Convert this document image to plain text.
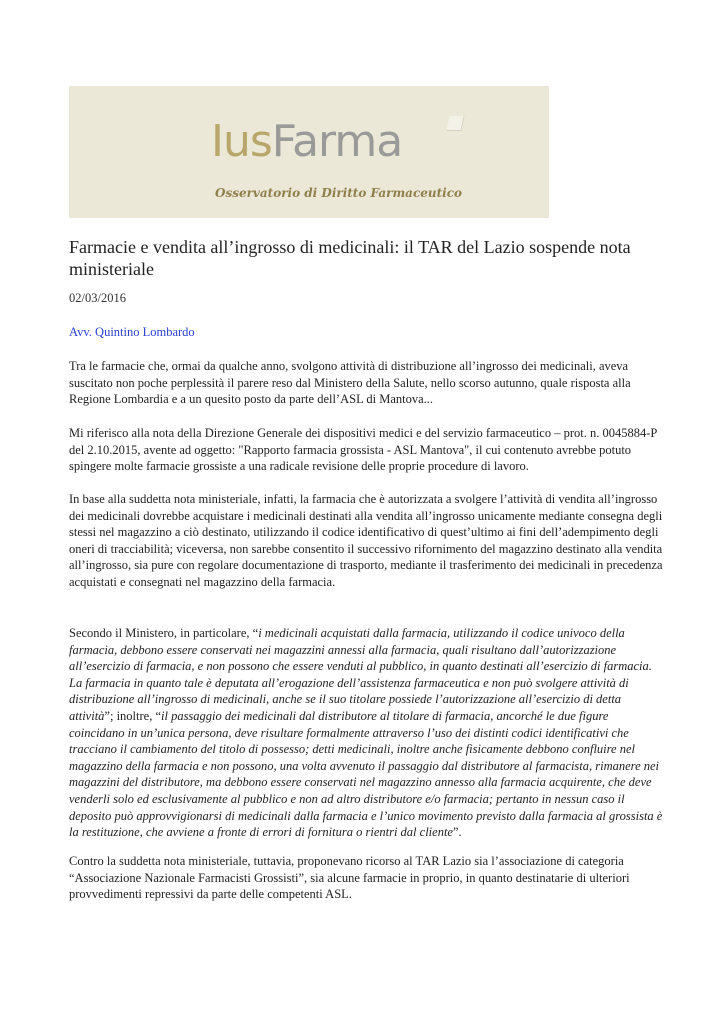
IusFarma
Osservatorio di Diritto Farmaceutico
Farmacie e vendita all’ingrosso di medicinali: il TAR del Lazio sospende nota ministeriale
02/03/2016
Avv. Quintino Lombardo

Tra le farmacie che, ormai da qualche anno, svolgono attività di distribuzione all’ingrosso dei medicinali, aveva suscitato non poche perplessità il parere reso dal Ministero della Salute, nello scorso autunno, quale risposta alla Regione Lombardia e a un quesito posto da parte dell’ASL di Mantova...

Mi riferisco alla nota della Direzione Generale dei dispositivi medici e del servizio farmaceutico – prot. n. 0045884-P del 2.10.2015, avente ad oggetto: "Rapporto farmacia grossista - ASL Mantova", il cui contenuto avrebbe potuto spingere molte farmacie grossiste a una radicale revisione delle proprie procedure di lavoro.

In base alla suddetta nota ministeriale, infatti, la farmacia che è autorizzata a svolgere l’attività di vendita all’ingrosso dei medicinali dovrebbe acquistare i medicinali destinati alla vendita all’ingrosso unicamente mediante consegna degli stessi nel magazzino a ciò destinato, utilizzando il codice identificativo di quest’ultimo ai fini dell’adempimento degli oneri di tracciabilità; viceversa, non sarebbe consentito il successivo rifornimento del magazzino destinato alla vendita all’ingrosso, sia pure con regolare documentazione di trasporto, mediante il trasferimento dei medicinali in precedenza acquistati e consegnati nel magazzino della farmacia.

Secondo il Ministero, in particolare, “i medicinali acquistati dalla farmacia, utilizzando il codice univoco della farmacia, debbono essere conservati nei magazzini annessi alla farmacia, quali risultano dall’autorizzazione all’esercizio di farmacia, e non possono che essere venduti al pubblico, in quanto destinati all’esercizio di farmacia. La farmacia in quanto tale è deputata all’erogazione dell’assistenza farmaceutica e non può svolgere attività di distribuzione all’ingrosso di medicinali, anche se il suo titolare possiede l’autorizzazione all’esercizio di detta attività”; inoltre, “il passaggio dei medicinali dal distributore al titolare di farmacia, ancorché le due figure coincidano in un’unica persona, deve risultare formalmente attraverso l’uso dei distinti codici identificativi che tracciano il cambiamento del titolo di possesso; detti medicinali, inoltre anche fisicamente debbono confluire nel magazzino della farmacia e non possono, una volta avvenuto il passaggio dal distributore al farmacista, rimanere nei magazzini del distributore, ma debbono essere conservati nel magazzino annesso alla farmacia acquirente, che deve venderli solo ed esclusivamente al pubblico e non ad altro distributore e/o farmacia; pertanto in nessun caso il deposito può approvvigionarsi di medicinali dalla farmacia e l’unico movimento previsto dalla farmacia al grossista è la restituzione, che avviene a fronte di errori di fornitura o rientri dal cliente”.

Contro la suddetta nota ministeriale, tuttavia, proponevano ricorso al TAR Lazio sia l’associazione di categoria “Associazione Nazionale Farmacisti Grossisti”, sia alcune farmacie in proprio, in quanto destinatarie di ulteriori provvedimenti repressivi da parte delle competenti ASL.
